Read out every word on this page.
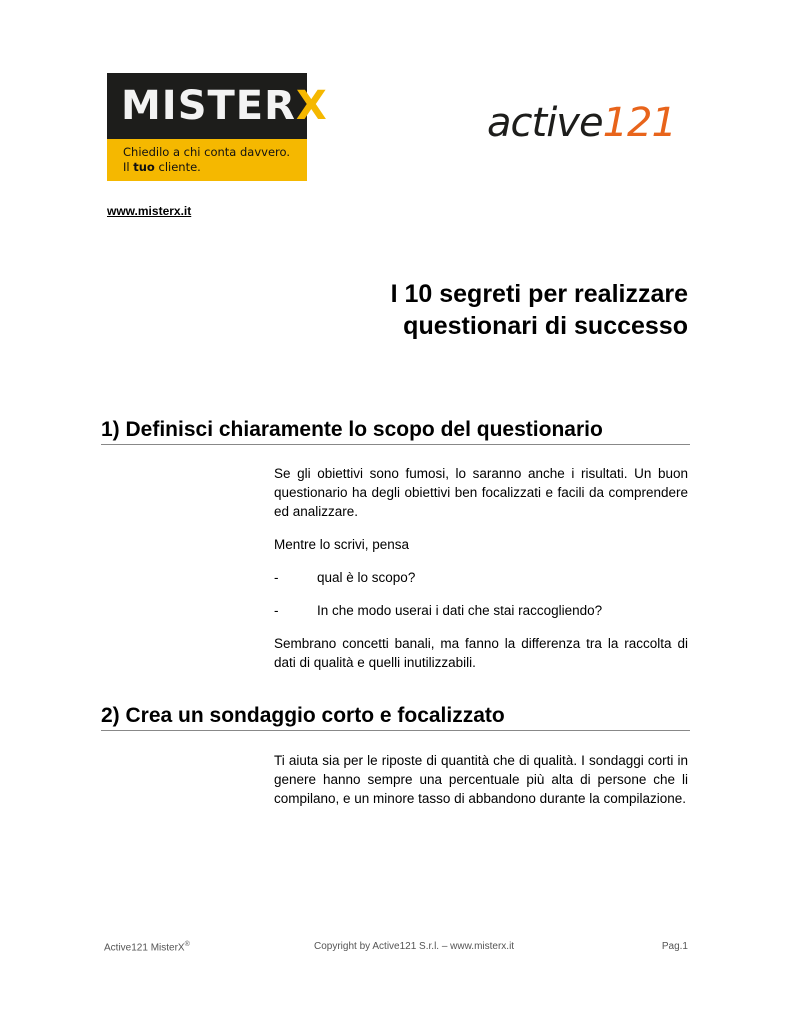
MISTERX
Chiedilo a chi conta davvero.
Il tuo cliente.
active121
www.misterx.it
I 10 segreti per realizzare
questionari di successo
1) Definisci chiaramente lo scopo del questionario

Se gli obiettivi sono fumosi, lo saranno anche i risultati. Un buon questionario ha degli obiettivi ben focalizzati e facili da comprendere ed analizzare.

Mentre lo scrivi, pensa

-	qual è lo scopo?
-	In che modo userai i dati che stai raccogliendo?

Sembrano concetti banali, ma fanno la differenza tra la raccolta di dati di qualità e quelli inutilizzabili.

2) Crea un sondaggio corto e focalizzato

Ti aiuta sia per le riposte di quantità che di qualità. I sondaggi corti in genere hanno sempre una percentuale più alta di persone che li compilano, e un minore tasso di abbandono durante la compilazione.

Active121 MisterX®	Copyright by Active121 S.r.l. – www.misterx.it	Pag.1
